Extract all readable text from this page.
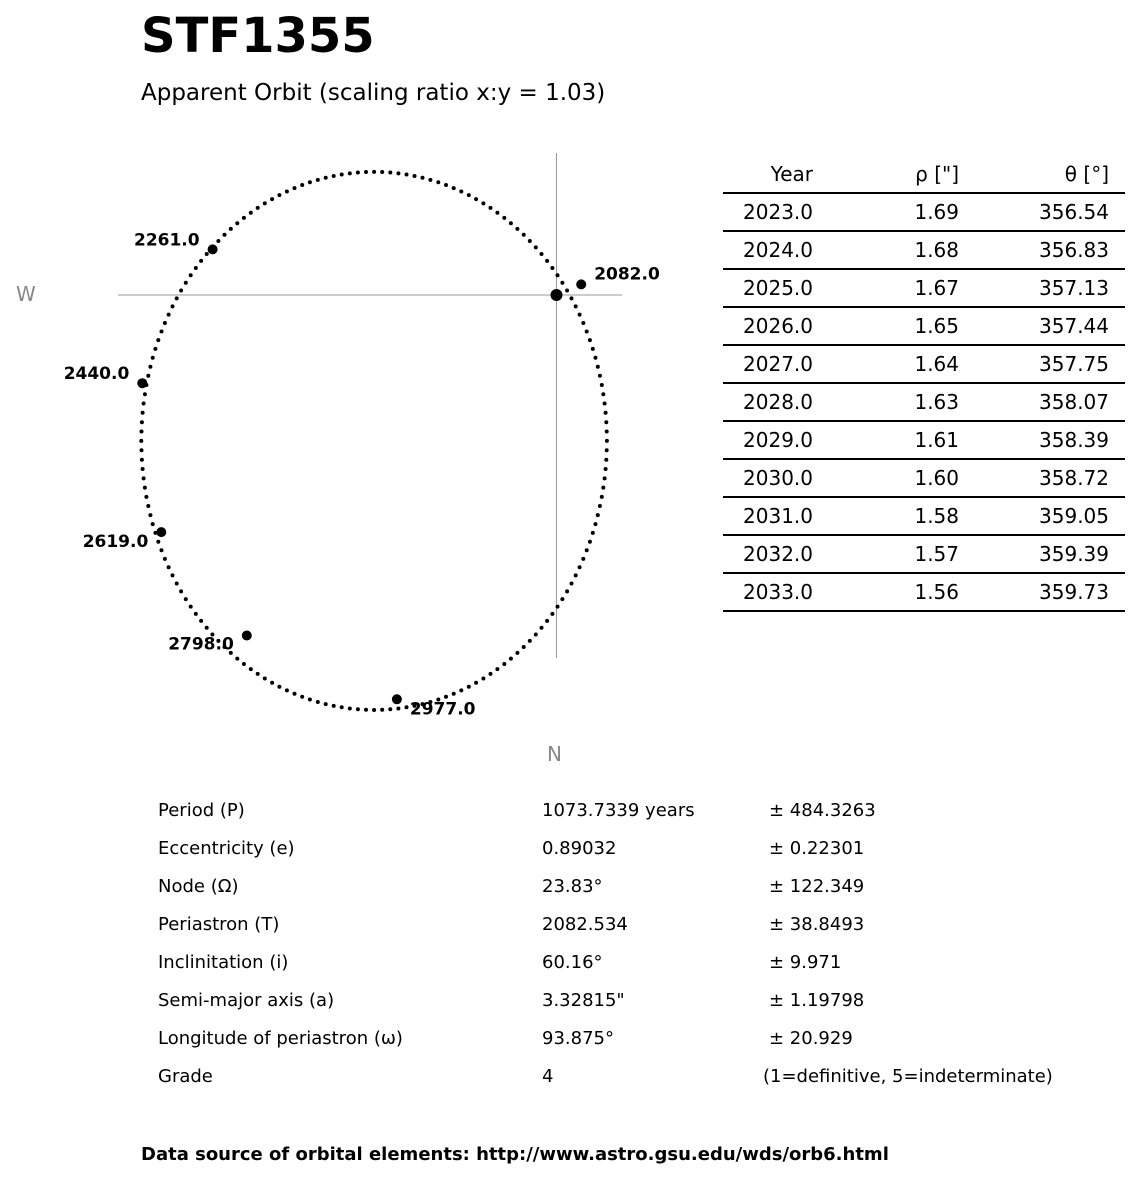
STF1355
Apparent Orbit (scaling ratio x:y = 1.03)
W
N
2082.0
2261.0
2440.0
2619.0
2798.0
2977.0
Year	ρ ["]	θ [°]	
2023.0	1.69	356.54	
2024.0	1.68	356.83	
2025.0	1.67	357.13	
2026.0	1.65	357.44	
2027.0	1.64	357.75	
2028.0	1.63	358.07	
2029.0	1.61	358.39	
2030.0	1.60	358.72	
2031.0	1.58	359.05	
2032.0	1.57	359.39	
2033.0	1.56	359.73	
Period (P)	1073.7339 years	± 484.3263
Eccentricity (e)	0.89032	± 0.22301
Node (Ω)	23.83°	± 122.349
Periastron (T)	2082.534	± 38.8493
Inclinitation (i)	60.16°	± 9.971
Semi-major axis (a)	3.32815"	± 1.19798
Longitude of periastron (ω)	93.875°	± 20.929
Grade	4	(1=definitive, 5=indeterminate)
Data source of orbital elements: http://www.astro.gsu.edu/wds/orb6.html
